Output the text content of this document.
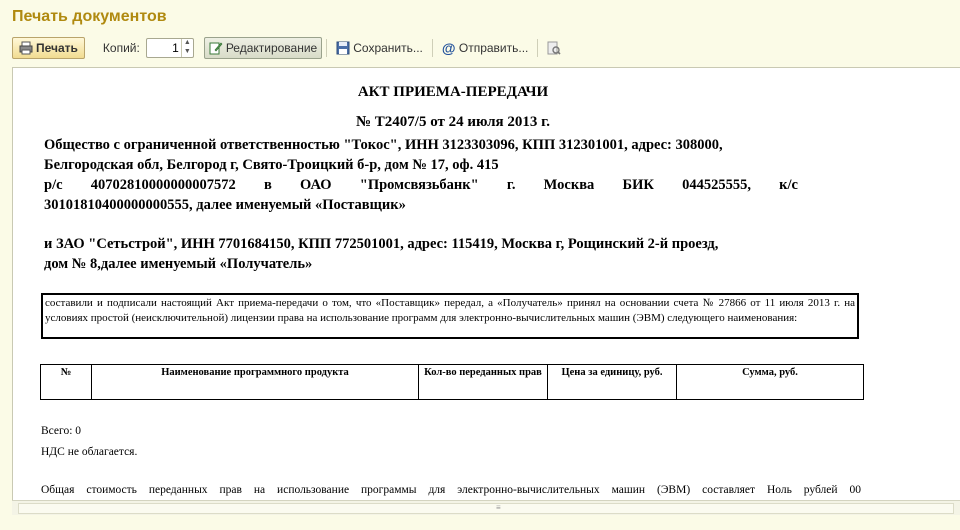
Печать документов
Печать Копий:
1	▲
▼	Редактирование	Сохранить... @ Отправить...
АКТ ПРИЕМА-ПЕРЕДАЧИ
№ Т2407/5 от 24 июля 2013 г.
Общество с ограниченной ответственностью "Токос", ИНН 3123303096, КПП 312301001, адрес: 308000,
Белгородская обл, Белгород г, Свято-Троицкий б-р, дом № 17, оф. 415
р/с 40702810000000007572 в ОАО "Промсвязьбанк" г. Москва БИК 044525555, к/с
30101810400000000555, далее именуемый «Поставщик»
и ЗАО "Сетьстрой", ИНН 7701684150, КПП 772501001, адрес: 115419, Москва г, Рощинский 2-й проезд,
дом № 8,далее именуемый «Получатель»
составили и подписали настоящий Акт приема-передачи о том, что «Поставщик» передал, а «Получатель» принял на основании счета № 27866 от 11 июля 2013 г. на условиях простой (неисключительной) лицензии права на использование программ для электронно-вычислительных машин (ЭВМ) следующего наименования:
№	Наименование программного продукта	Кол-во переданных прав	Цена за единицу, руб.	Сумма, руб.
Всего: 0
НДС не облагается.
Общая стоимость переданных прав на использование программы для электронно-вычислительных машин (ЭВМ) составляет Ноль рублей 00
≡
